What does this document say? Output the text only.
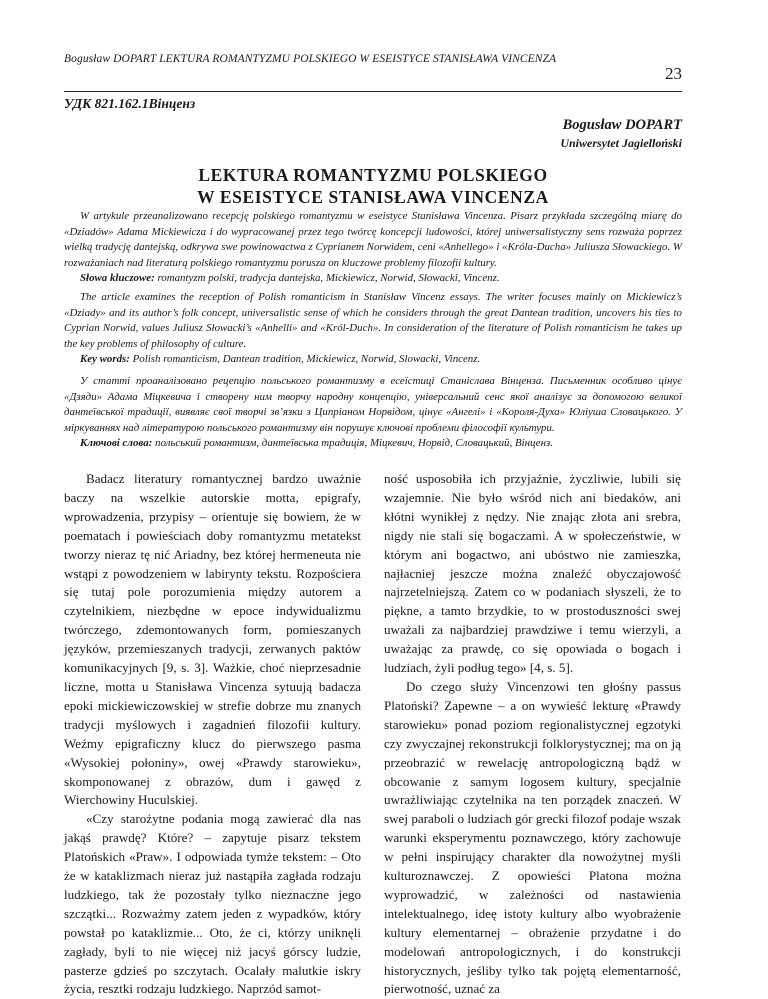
Bogusław DOPART LEKTURA ROMANTYZMU POLSKIEGO W ESEISTYCE STANISŁAWA VINCENZA
23
УДК 821.162.1Вінценз
Bogusław DOPART
Uniwersytet Jagielloński
LEKTURA ROMANTYZMU POLSKIEGO
W ESEISTYCE STANISŁAWA VINCENZA
W artykule przeanalizowano recepcję polskiego romantyzmu w eseistyce Stanisława Vincenza. Pisarz przykłada szczególną miarę do «Dziadów» Adama Mickiewicza i do wypracowanej przez tego twórcę koncepcji ludowości, której uniwersalistyczny sens rozważa poprzez wielką tradycję dantejską, odkrywa swe powinowactwa z Cyprianem Norwidem, ceni «Anhellego» i «Króla-Ducha» Juliusza Słowackiego. W rozważaniach nad literaturą polskiego romantyzmu porusza on kluczowe problemy filozofii kultury.
Słowa kluczowe: romantyzm polski, tradycja dantejska, Mickiewicz, Norwid, Słowacki, Vincenz.
The article examines the reception of Polish romanticism in Stanisław Vincenz essays. The writer focuses mainly on Mickiewicz’s «Dziady» and its author’s folk concept, universalistic sense of which he considers through the great Dantean tradition, uncovers his ties to Cyprian Norwid, values Juliusz Słowacki’s «Anhelli» and «Król-Duch». In consideration of the literature of Polish romanticism he takes up the key problems of philosophy of culture.
Key words: Polish romanticism, Dantean tradition, Mickiewicz, Norwid, Slowacki, Vincenz.
У статті проаналізовано рецепцію польського романтизму в есеїстиці Станіслава Вінценза. Письменник особливо цінує «Дзяди» Адама Міцкевича і створену ним творчу народну концепцію, універсальний сенс якої аналізує за допомогою великої дантеївської традиції, виявляє свої творчі зв’язки з Ципріаном Норвідом, цінує «Ангелі» і «Короля-Духа» Юліуша Словацького. У міркуваннях над літературою польського романтизму він порушує ключові проблеми філософії культури.
Ключові слова: польський романтизм, дантеївська традиція, Міцкевич, Норвід, Словацький, Вінценз.

Badacz literatury romantycznej bardzo uważnie baczy na wszelkie autorskie motta, epigrafy, wprowadzenia, przypisy – orientuje się bowiem, że w poematach i powieściach doby romantyzmu metatekst tworzy nieraz tę nić Ariadny, bez której hermeneuta nie wstąpi z powodzeniem w labirynty tekstu. Rozpościera się tutaj pole porozumienia między autorem a czytelnikiem, niezbędne w epoce indywidualizmu twórczego, zdemontowanych form, pomieszanych języków, przemieszanych tradycji, zerwanych paktów komunikacyjnych [9, s. 3]. Ważkie, choć nieprzesadnie liczne, motta u Stanisława Vincenza sytuują badacza epoki mickiewiczowskiej w strefie dobrze mu znanych tradycji myślowych i zagadnień filozofii kultury. Weźmy epigraficzny klucz do pierwszego pasma «Wysokiej połoniny», owej «Prawdy starowieku», skomponowanej z obrazów, dum i gawęd z Wierchowiny Huculskiej.

«Czy starożytne podania mogą zawierać dla nas jakąś prawdę? Które? – zapytuje pisarz tekstem Platońskich «Praw». I odpowiada tymże tekstem: – Oto że w kataklizmach nieraz już nastąpiła zagłada rodzaju ludzkiego, tak że pozostały tylko nieznaczne jego szczątki... Rozważmy zatem jeden z wypadków, który powstał po kataklizmie... Oto, że ci, którzy uniknęli zagłady, byli to nie więcej niż jacyś górscy ludzie, pasterze gdzieś po szczytach. Ocalały malutkie iskry życia, resztki rodzaju ludzkiego. Naprzód samot-

ność usposobiła ich przyjaźnie, życzliwie, lubili się wzajemnie. Nie było wśród nich ani biedaków, ani kłótni wynikłej z nędzy. Nie znając złota ani srebra, nigdy nie stali się bogaczami. A w społeczeństwie, w którym ani bogactwo, ani ubóstwo nie zamieszka, najłacniej jeszcze można znaleźć obyczajowość najrzetelniejszą. Zatem co w podaniach słyszeli, że to piękne, a tamto brzydkie, to w prostoduszności swej uważali za najbardziej prawdziwe i temu wierzyli, a uważając za prawdę, co się opowiada o bogach i ludziach, żyli podług tego» [4, s. 5].

Do czego służy Vincenzowi ten głośny passus Platoński? Zapewne – a on wywieść lekturę «Prawdy starowieku» ponad poziom regionalistycznej egzotyki czy zwyczajnej rekonstrukcji folklorystycznej; ma on ją przeobrazić w rewelację antropologiczną bądź w obcowanie z samym logosem kultury, specjalnie uwrażliwiając czytelnika na ten porządek znaczeń. W swej paraboli o ludziach gór grecki filozof podaje wszak warunki eksperymentu poznawczego, który zachowuje w pełni inspirujący charakter dla nowożytnej myśli kulturoznawczej. Z opowieści Platona można wyprowadzić, w zależności od nastawienia intelektualnego, ideę istoty kultury albo wyobrażenie kultury elementarnej – obrażenie przydatne i do modelowań antropologicznych, i do konstrukcji historycznych, jeśliby tylko tak pojętą elementarność, pierwotność, uznać za
